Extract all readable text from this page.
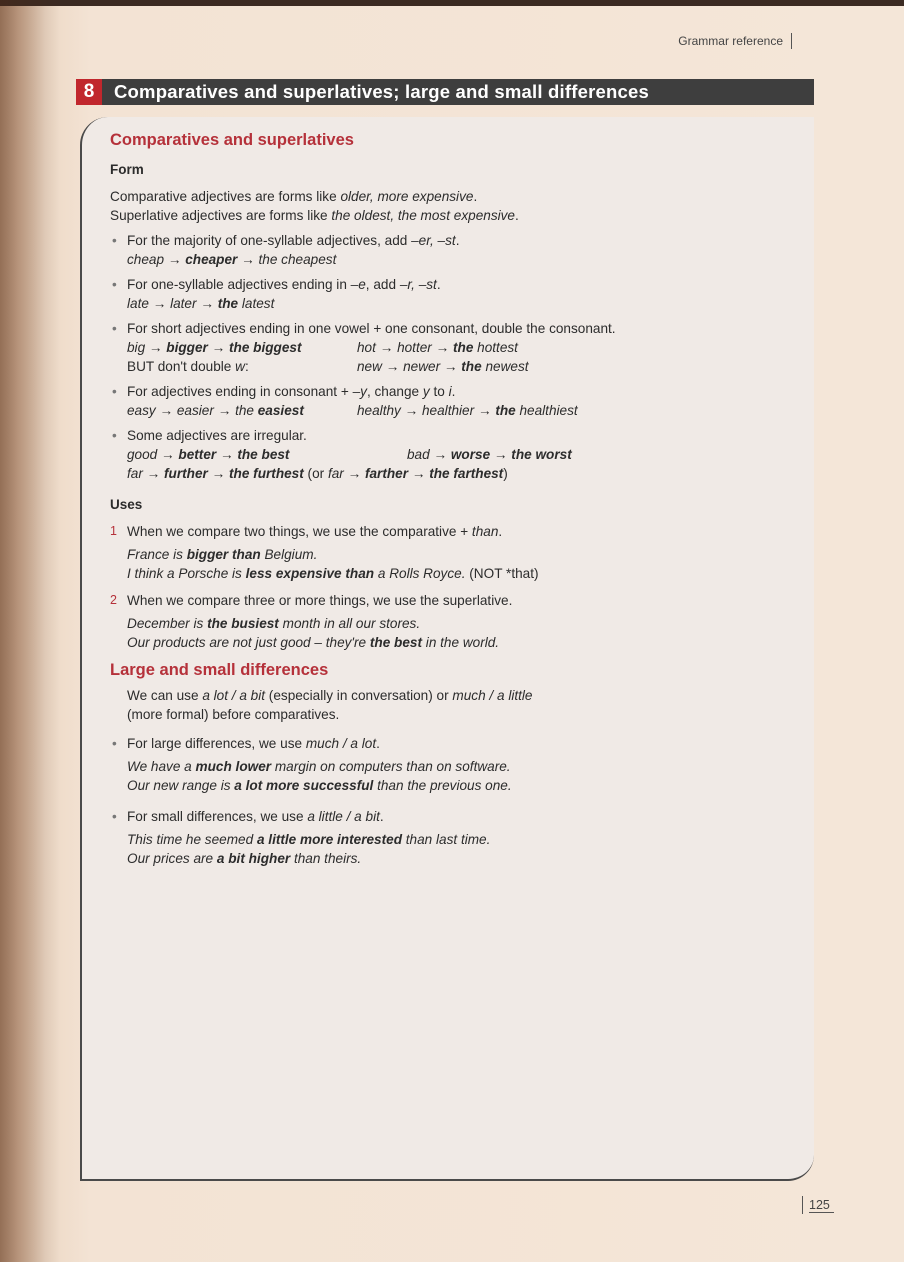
Grammar reference
8	Comparatives and superlatives; large and small differences
Comparatives and superlatives
Form

Comparative adjectives are forms like older, more expensive.

Superlative adjectives are forms like the oldest, the most expensive.

• For the majority of one-syllable adjectives, add –er, –st.

cheap → cheaper → the cheapest

• For one-syllable adjectives ending in –e, add –r, –st.

late → later → the latest

• For short adjectives ending in one vowel + one consonant, double the consonant.

big → bigger → the biggest	hot → hotter → the hottest
BUT don't double w:	new → newer → the newest

• For adjectives ending in consonant + –y, change y to i.

easy → easier → the easiest	healthy → healthier → the healthiest

• Some adjectives are irregular.

good → better → the best	bad → worse → the worst

far → further → the furthest (or far → farther → the farthest)

Uses
1 When we compare two things, we use the comparative + than.

France is bigger than Belgium.

I think a Porsche is less expensive than a Rolls Royce. (NOT *that)

2 When we compare three or more things, we use the superlative.

December is the busiest month in all our stores.

Our products are not just good – they're the best in the world.

Large and small differences

We can use a lot / a bit (especially in conversation) or much / a little
(more formal) before comparatives.

• For large differences, we use much / a lot.

We have a much lower margin on computers than on software.

Our new range is a lot more successful than the previous one.

• For small differences, we use a little / a bit.

This time he seemed a little more interested than last time.

Our prices are a bit higher than theirs.

125
